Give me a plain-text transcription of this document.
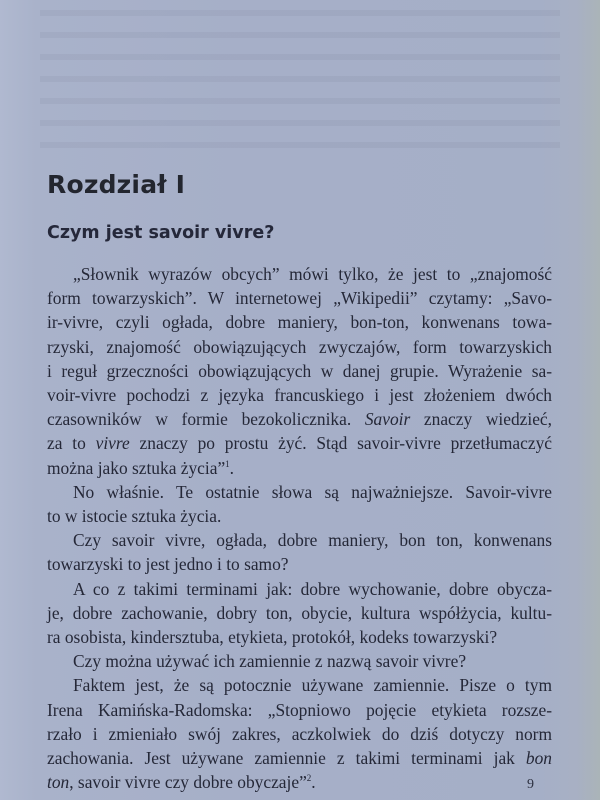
Rozdział I
Czym jest savoir vivre?
„Słownik wyrazów obcych” mówi tylko, że jest to „znajomość
form towarzyskich”. W internetowej „Wikipedii” czytamy: „Savo-
ir-vivre, czyli ogłada, dobre maniery, bon-ton, konwenans towa-
rzyski, znajomość obowiązujących zwyczajów, form towarzyskich
i reguł grzeczności obowiązujących w danej grupie. Wyrażenie sa-
voir-vivre pochodzi z języka francuskiego i jest złożeniem dwóch
czasowników w formie bezokolicznika. Savoir znaczy wiedzieć,
za to vivre znaczy po prostu żyć. Stąd savoir-vivre przetłumaczyć
można jako sztuka życia”$^1$.
No właśnie. Te ostatnie słowa są najważniejsze. Savoir-vivre
to w istocie sztuka życia.
Czy savoir vivre, ogłada, dobre maniery, bon ton, konwenans
towarzyski to jest jedno i to samo?
A co z takimi terminami jak: dobre wychowanie, dobre obycza-
je, dobre zachowanie, dobry ton, obycie, kultura współżycia, kultu-
ra osobista, kindersztuba, etykieta, protokół, kodeks towarzyski?
Czy można używać ich zamiennie z nazwą savoir vivre?
Faktem jest, że są potocznie używane zamiennie. Pisze o tym
Irena Kamińska-Radomska: „Stopniowo pojęcie etykieta rozsze-
rzało i zmieniało swój zakres, aczkolwiek do dziś dotyczy norm
zachowania. Jest używane zamiennie z takimi terminami jak bon
ton, savoir vivre czy dobre obyczaje”$^2$.	9
